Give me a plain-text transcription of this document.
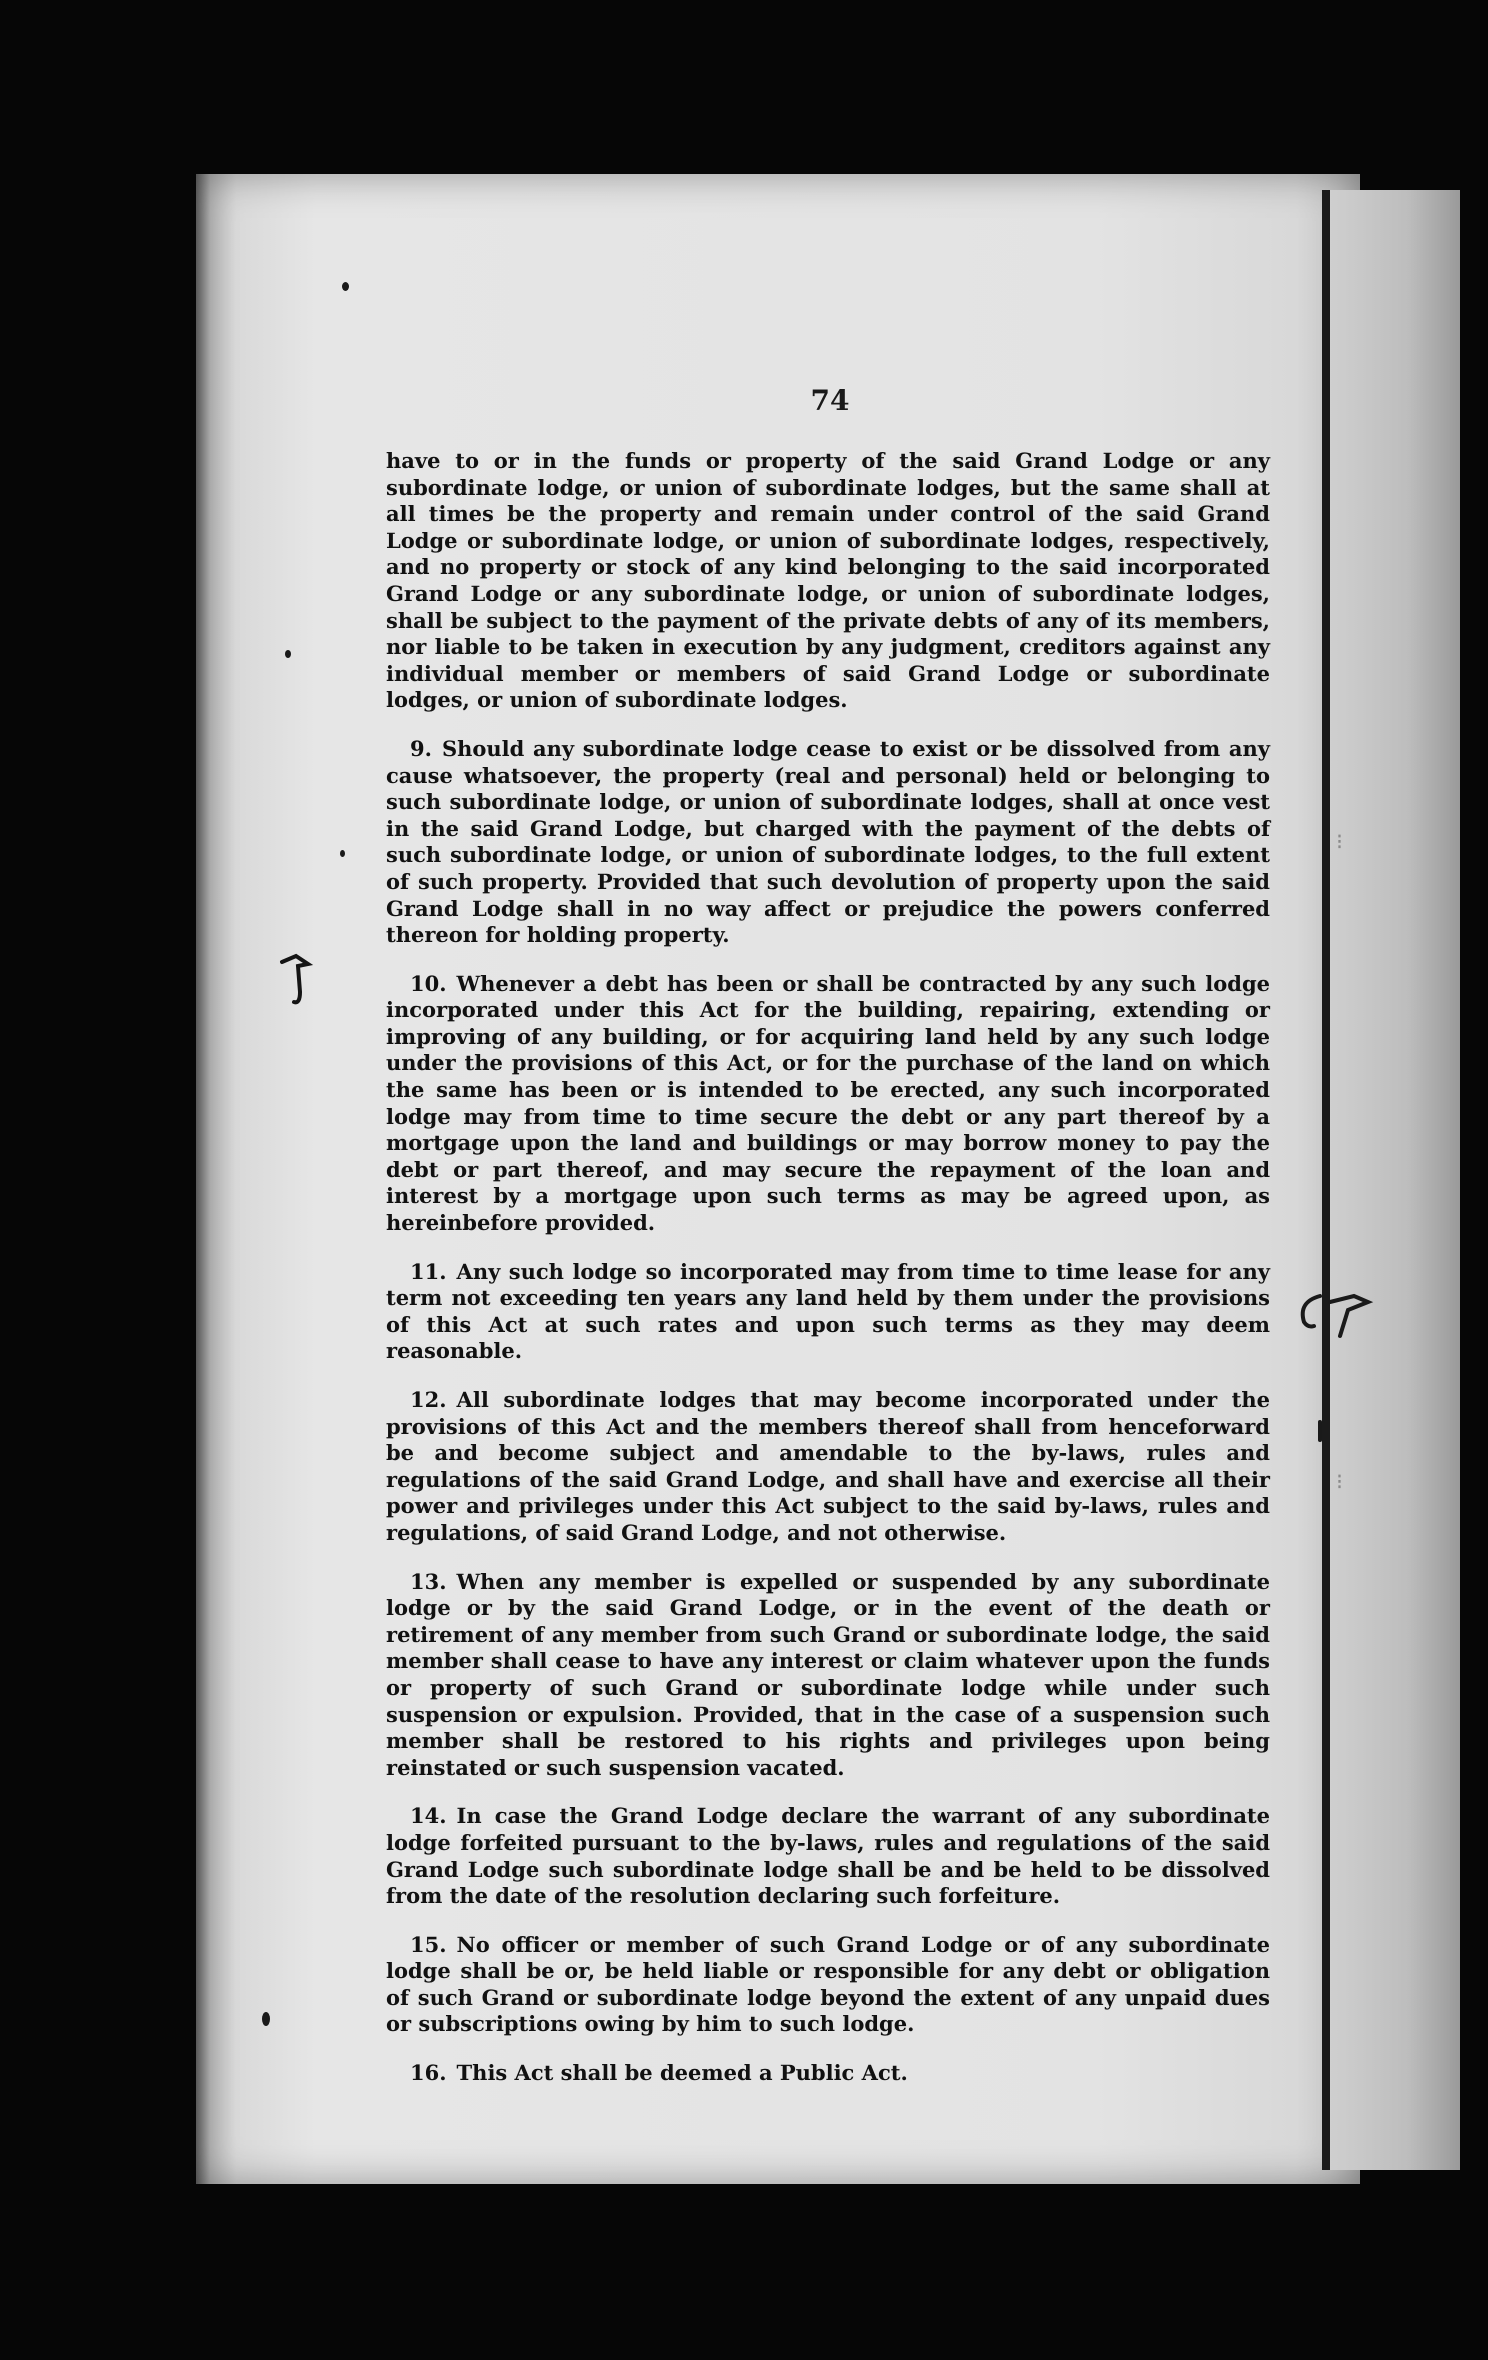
⁝
⁝
74

have to or in the funds or property of the said Grand Lodge or any subordinate lodge, or union of subordinate lodges, but the same shall at all times be the property and remain under control of the said Grand Lodge or subordinate lodge, or union of subordinate lodges, respectively, and no property or stock of any kind belonging to the said incorporated Grand Lodge or any subordinate lodge, or union of subordinate lodges, shall be subject to the payment of the private debts of any of its members, nor liable to be taken in execution by any judgment, creditors against any individual member or members of said Grand Lodge or subordinate lodges, or union of subordinate lodges.

9. Should any subordinate lodge cease to exist or be dissolved from any cause whatsoever, the property (real and personal) held or belonging to such subordinate lodge, or union of subordinate lodges, shall at once vest in the said Grand Lodge, but charged with the payment of the debts of such subordinate lodge, or union of subordinate lodges, to the full extent of such property. Provided that such devolution of property upon the said Grand Lodge shall in no way affect or prejudice the powers conferred thereon for holding property.

10. Whenever a debt has been or shall be contracted by any such lodge incorporated under this Act for the building, repairing, extending or improving of any building, or for acquiring land held by any such lodge under the provisions of this Act, or for the purchase of the land on which the same has been or is intended to be erected, any such incorporated lodge may from time to time secure the debt or any part thereof by a mortgage upon the land and buildings or may borrow money to pay the debt or part thereof, and may secure the repayment of the loan and interest by a mortgage upon such terms as may be agreed upon, as hereinbefore provided.

11. Any such lodge so incorporated may from time to time lease for any term not exceeding ten years any land held by them under the provisions of this Act at such rates and upon such terms as they may deem reasonable.

12. All subordinate lodges that may become incorporated under the provisions of this Act and the members thereof shall from henceforward be and become subject and amendable to the by-laws, rules and regulations of the said Grand Lodge, and shall have and exercise all their power and privileges under this Act subject to the said by-laws, rules and regulations, of said Grand Lodge, and not otherwise.

13. When any member is expelled or suspended by any subordinate lodge or by the said Grand Lodge, or in the event of the death or retirement of any member from such Grand or subordinate lodge, the said member shall cease to have any interest or claim whatever upon the funds or property of such Grand or subordinate lodge while under such suspension or expulsion. Provided, that in the case of a suspension such member shall be restored to his rights and privileges upon being reinstated or such suspension vacated.

14. In case the Grand Lodge declare the warrant of any subordinate lodge forfeited pursuant to the by-laws, rules and regulations of the said Grand Lodge such subordinate lodge shall be and be held to be dissolved from the date of the resolution declaring such forfeiture.

15. No officer or member of such Grand Lodge or of any subordinate lodge shall be or, be held liable or responsible for any debt or obligation of such Grand or subordinate lodge beyond the extent of any unpaid dues or subscriptions owing by him to such lodge.

16. This Act shall be deemed a Public Act.
